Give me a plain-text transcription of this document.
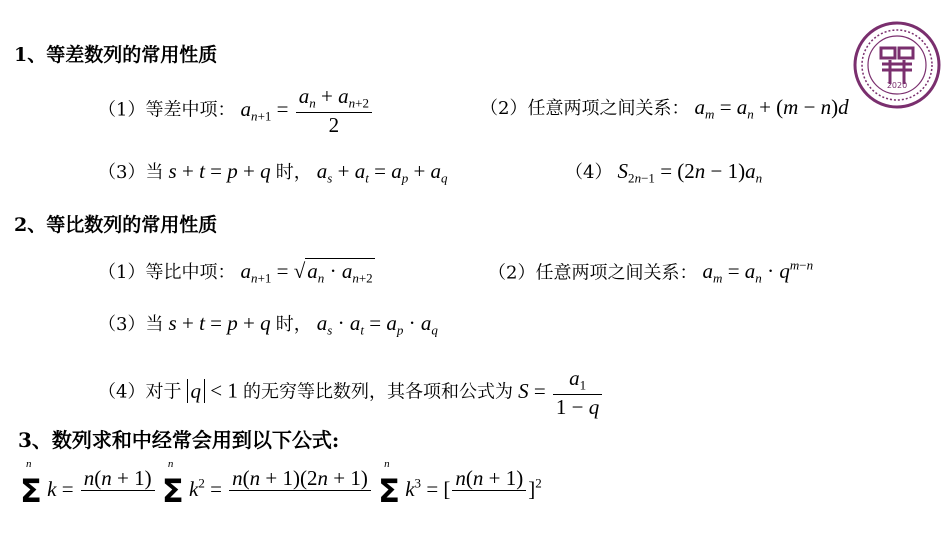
2020
1、等差数列的常用性质
（1）等差中项： $a_{n+1} = \frac{a_n + a_{n+2}}{2}$	（2）任意两项之间关系： $a_m = a_n + (m - n)d$
（3）当 s + t = p + q 时， $a_s + a_t = a_p + a_q$	（4） $S_{2n-1} = (2n - 1)a_n$
2、等比数列的常用性质
（1）等比中项： $a_{n+1} = √a_n \cdot a_{n+2}$	（2）任意两项之间关系： $a_m = a_n \cdot q^{m-n}$
（3）当 s + t = p + q 时， $a_s \cdot a_t = a_p \cdot a_q$
（4）对于 q < 1 的无穷等比数列，其各项和公式为 $S = \frac{a_1}{1 - q}$
3、数列求和中经常会用到以下公式:
Σ
n
k = n(n + 1)
Σ
n
$k^2 = n(n + 1)(2n + 1)$
Σ
n
$k^3$ = [ n(n + 1)
]$^2$
